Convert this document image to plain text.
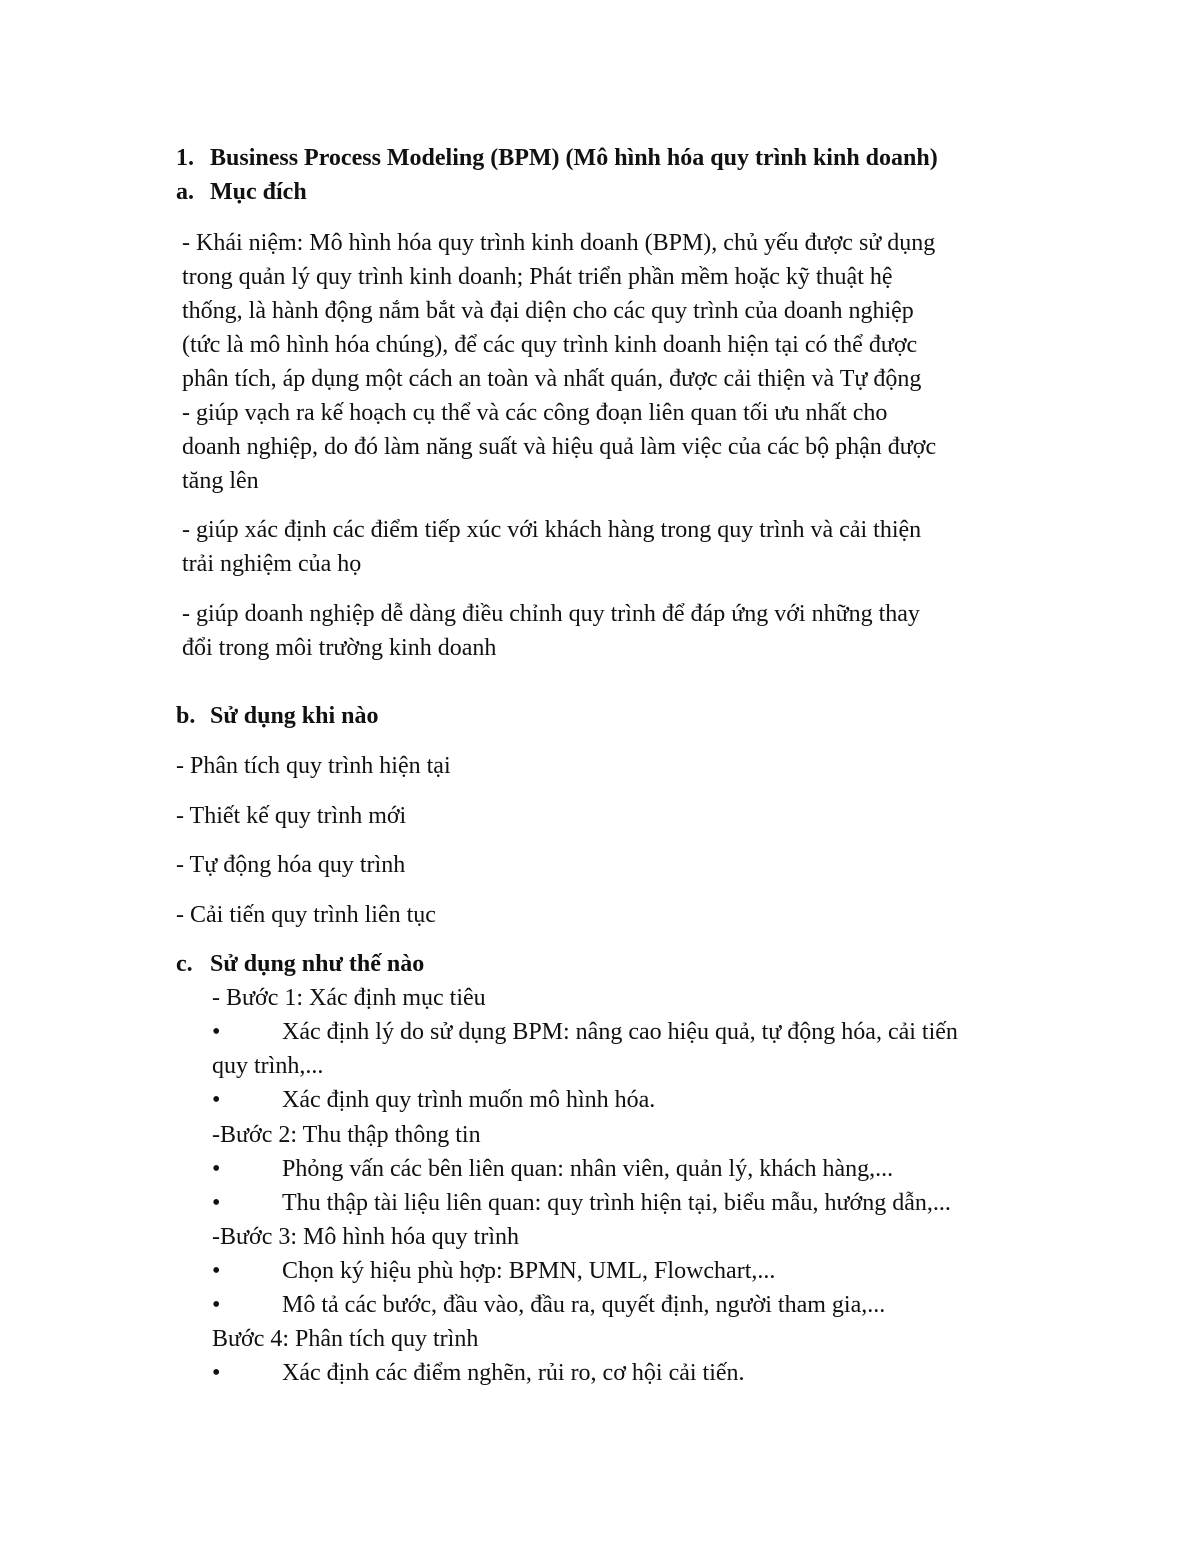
1. Business Process Modeling (BPM) (Mô hình hóa quy trình kinh doanh)
a. Mục đích
- Khái niệm: Mô hình hóa quy trình kinh doanh (BPM), chủ yếu được sử dụng
trong quản lý quy trình kinh doanh; Phát triển phần mềm hoặc kỹ thuật hệ
thống, là hành động nắm bắt và đại diện cho các quy trình của doanh nghiệp
(tức là mô hình hóa chúng), để các quy trình kinh doanh hiện tại có thể được
phân tích, áp dụng một cách an toàn và nhất quán, được cải thiện và Tự động
- giúp vạch ra kế hoạch cụ thể và các công đoạn liên quan tối ưu nhất cho
doanh nghiệp, do đó làm năng suất và hiệu quả làm việc của các bộ phận được
tăng lên
- giúp xác định các điểm tiếp xúc với khách hàng trong quy trình và cải thiện
trải nghiệm của họ
- giúp doanh nghiệp dễ dàng điều chỉnh quy trình để đáp ứng với những thay
đổi trong môi trường kinh doanh
b. Sử dụng khi nào
- Phân tích quy trình hiện tại
- Thiết kế quy trình mới
- Tự động hóa quy trình
- Cải tiến quy trình liên tục
c. Sử dụng như thế nào
- Bước 1: Xác định mục tiêu
•	Xác định lý do sử dụng BPM: nâng cao hiệu quả, tự động hóa, cải tiến
quy trình,...
•	Xác định quy trình muốn mô hình hóa.
-Bước 2: Thu thập thông tin
•	Phỏng vấn các bên liên quan: nhân viên, quản lý, khách hàng,...
•	Thu thập tài liệu liên quan: quy trình hiện tại, biểu mẫu, hướng dẫn,...
-Bước 3: Mô hình hóa quy trình
•	Chọn ký hiệu phù hợp: BPMN, UML, Flowchart,...
•	Mô tả các bước, đầu vào, đầu ra, quyết định, người tham gia,...
Bước 4: Phân tích quy trình
•	Xác định các điểm nghẽn, rủi ro, cơ hội cải tiến.
